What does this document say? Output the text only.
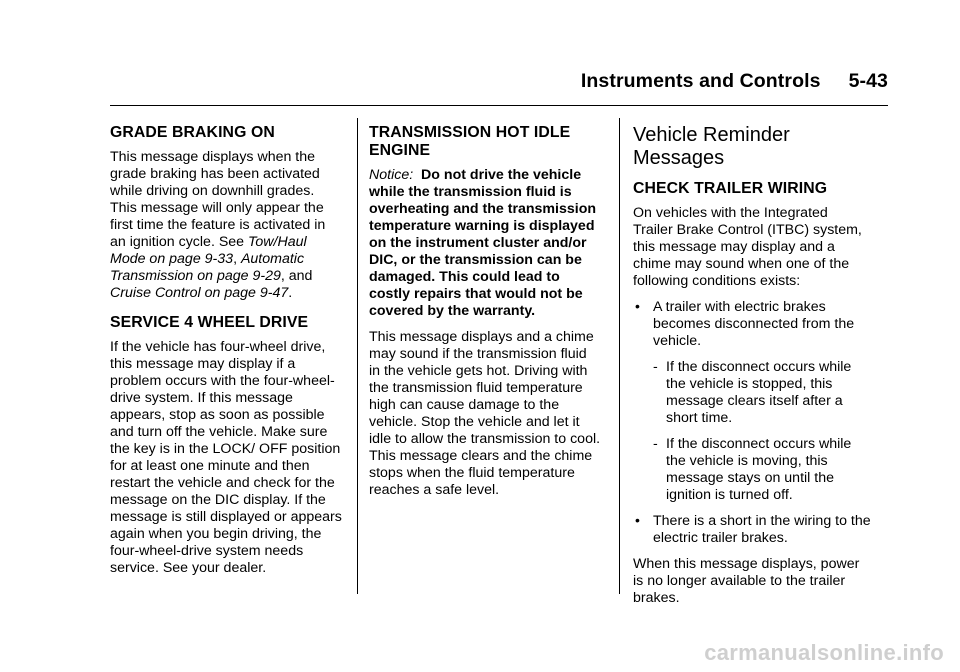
Instruments and Controls 5-43
GRADE BRAKING ON

This message displays when the grade braking has been activated while driving on downhill grades. This message will only appear the first time the feature is activated in an ignition cycle. See Tow/Haul Mode on page 9-33, Automatic Transmission on page 9-29, and Cruise Control on page 9-47.

SERVICE 4 WHEEL DRIVE

If the vehicle has four-wheel drive, this message may display if a problem occurs with the four-wheel-drive system. If this message appears, stop as soon as possible and turn off the vehicle. Make sure the key is in the LOCK/ OFF position for at least one minute and then restart the vehicle and check for the message on the DIC display. If the message is still displayed or appears again when you begin driving, the four-wheel-drive system needs service. See your dealer.

TRANSMISSION HOT IDLE ENGINE

Notice: Do not drive the vehicle while the transmission fluid is overheating and the transmission temperature warning is displayed on the instrument cluster and/or DIC, or the transmission can be damaged. This could lead to costly repairs that would not be covered by the warranty.

This message displays and a chime may sound if the transmission fluid in the vehicle gets hot. Driving with the transmission fluid temperature high can cause damage to the vehicle. Stop the vehicle and let it idle to allow the transmission to cool. This message clears and the chime stops when the fluid temperature reaches a safe level.

Vehicle Reminder Messages
CHECK TRAILER WIRING

On vehicles with the Integrated Trailer Brake Control (ITBC) system, this message may display and a chime may sound when one of the following conditions exists:

• A trailer with electric brakes becomes disconnected from the vehicle.
- If the disconnect occurs while the vehicle is stopped, this message clears itself after a short time.
- If the disconnect occurs while the vehicle is moving, this message stays on until the ignition is turned off.
• There is a short in the wiring to the electric trailer brakes.

When this message displays, power is no longer available to the trailer brakes.

carmanualsonline.info
